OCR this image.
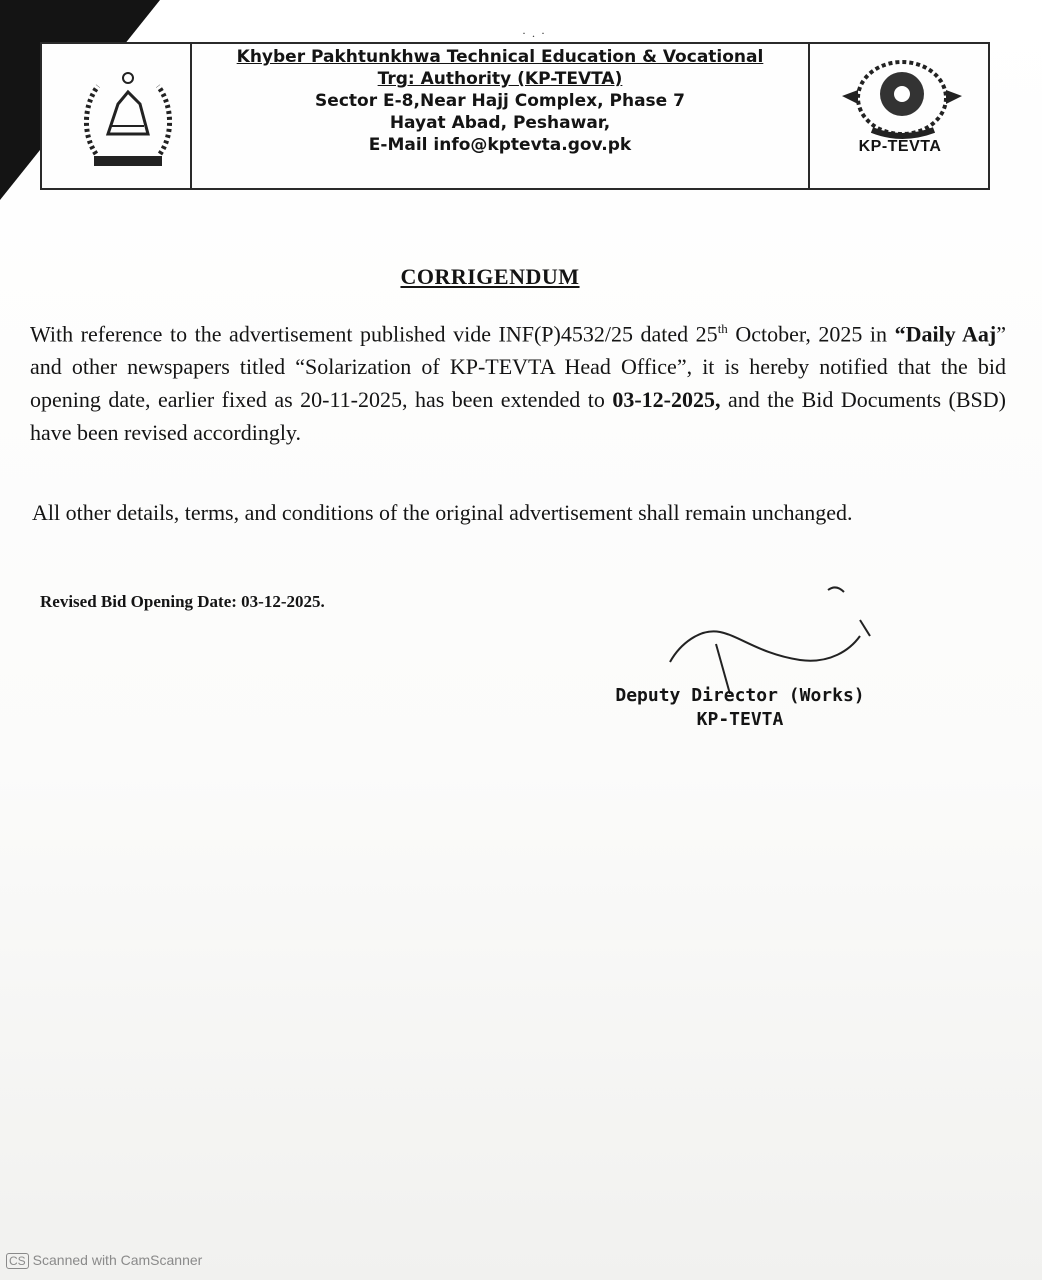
·.·
Khyber Pakhtunkhwa Technical Education & Vocational
Trg: Authority (KP-TEVTA)
Sector E-8,Near Hajj Complex, Phase 7
Hayat Abad, Peshawar,
E-Mail info@kptevta.gov.pk	KP-TEVTA
CORRIGENDUM
With reference to the advertisement published vide INF(P)4532/25 dated 25th October, 2025 in “Daily Aaj” and other newspapers titled “Solarization of KP-TEVTA Head Office”, it is hereby notified that the bid opening date, earlier fixed as 20-11-2025, has been extended to 03-12-2025, and the Bid Documents (BSD) have been revised accordingly.
All other details, terms, and conditions of the original advertisement shall remain unchanged.
Revised Bid Opening Date: 03-12-2025.
Deputy Director (Works)
KP-TEVTA
CS Scanned with CamScanner
